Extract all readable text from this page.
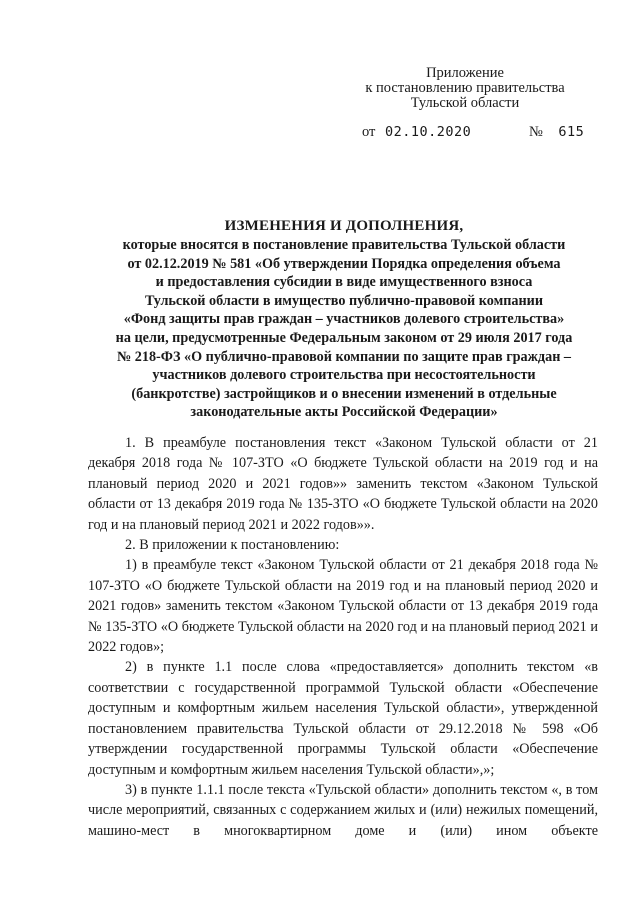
Приложение
к постановлению правительства
Тульской области
от 02.10.2020	№ 615
ИЗМЕНЕНИЯ И ДОПОЛНЕНИЯ,
которые вносятся в постановление правительства Тульской области
от 02.12.2019 № 581 «Об утверждении Порядка определения объема
и предоставления субсидии в виде имущественного взноса
Тульской области в имущество публично-правовой компании
«Фонд защиты прав граждан – участников долевого строительства»
на цели, предусмотренные Федеральным законом от 29 июля 2017 года
№ 218-ФЗ «О публично-правовой компании по защите прав граждан –
участников долевого строительства при несостоятельности
(банкротстве) застройщиков и о внесении изменений в отдельные
законодательные акты Российской Федерации»

1. В преамбуле постановления текст «Законом Тульской области от 21 декабря 2018 года № 107-ЗТО «О бюджете Тульской области на 2019 год и на плановый период 2020 и 2021 годов»» заменить текстом «Законом Тульской области от 13 декабря 2019 года № 135-ЗТО «О бюджете Тульской области на 2020 год и на плановый период 2021 и 2022 годов»».

2. В приложении к постановлению:

1) в преамбуле текст «Законом Тульской области от 21 декабря 2018 года № 107-ЗТО «О бюджете Тульской области на 2019 год и на плановый период 2020 и 2021 годов» заменить текстом «Законом Тульской области от 13 декабря 2019 года № 135-ЗТО «О бюджете Тульской области на 2020 год и на плановый период 2021 и 2022 годов»;

2) в пункте 1.1 после слова «предоставляется» дополнить текстом «в соответствии с государственной программой Тульской области «Обеспечение доступным и комфортным жильем населения Тульской области», утвержденной постановлением правительства Тульской области от 29.12.2018 № 598 «Об утверждении государственной программы Тульской области «Обеспечение доступным и комфортным жильем населения Тульской области»,»;

3) в пункте 1.1.1 после текста «Тульской области» дополнить текстом «, в том числе мероприятий, связанных с содержанием жилых и (или) нежилых помещений, машино-мест в многоквартирном доме и (или) ином объекте
